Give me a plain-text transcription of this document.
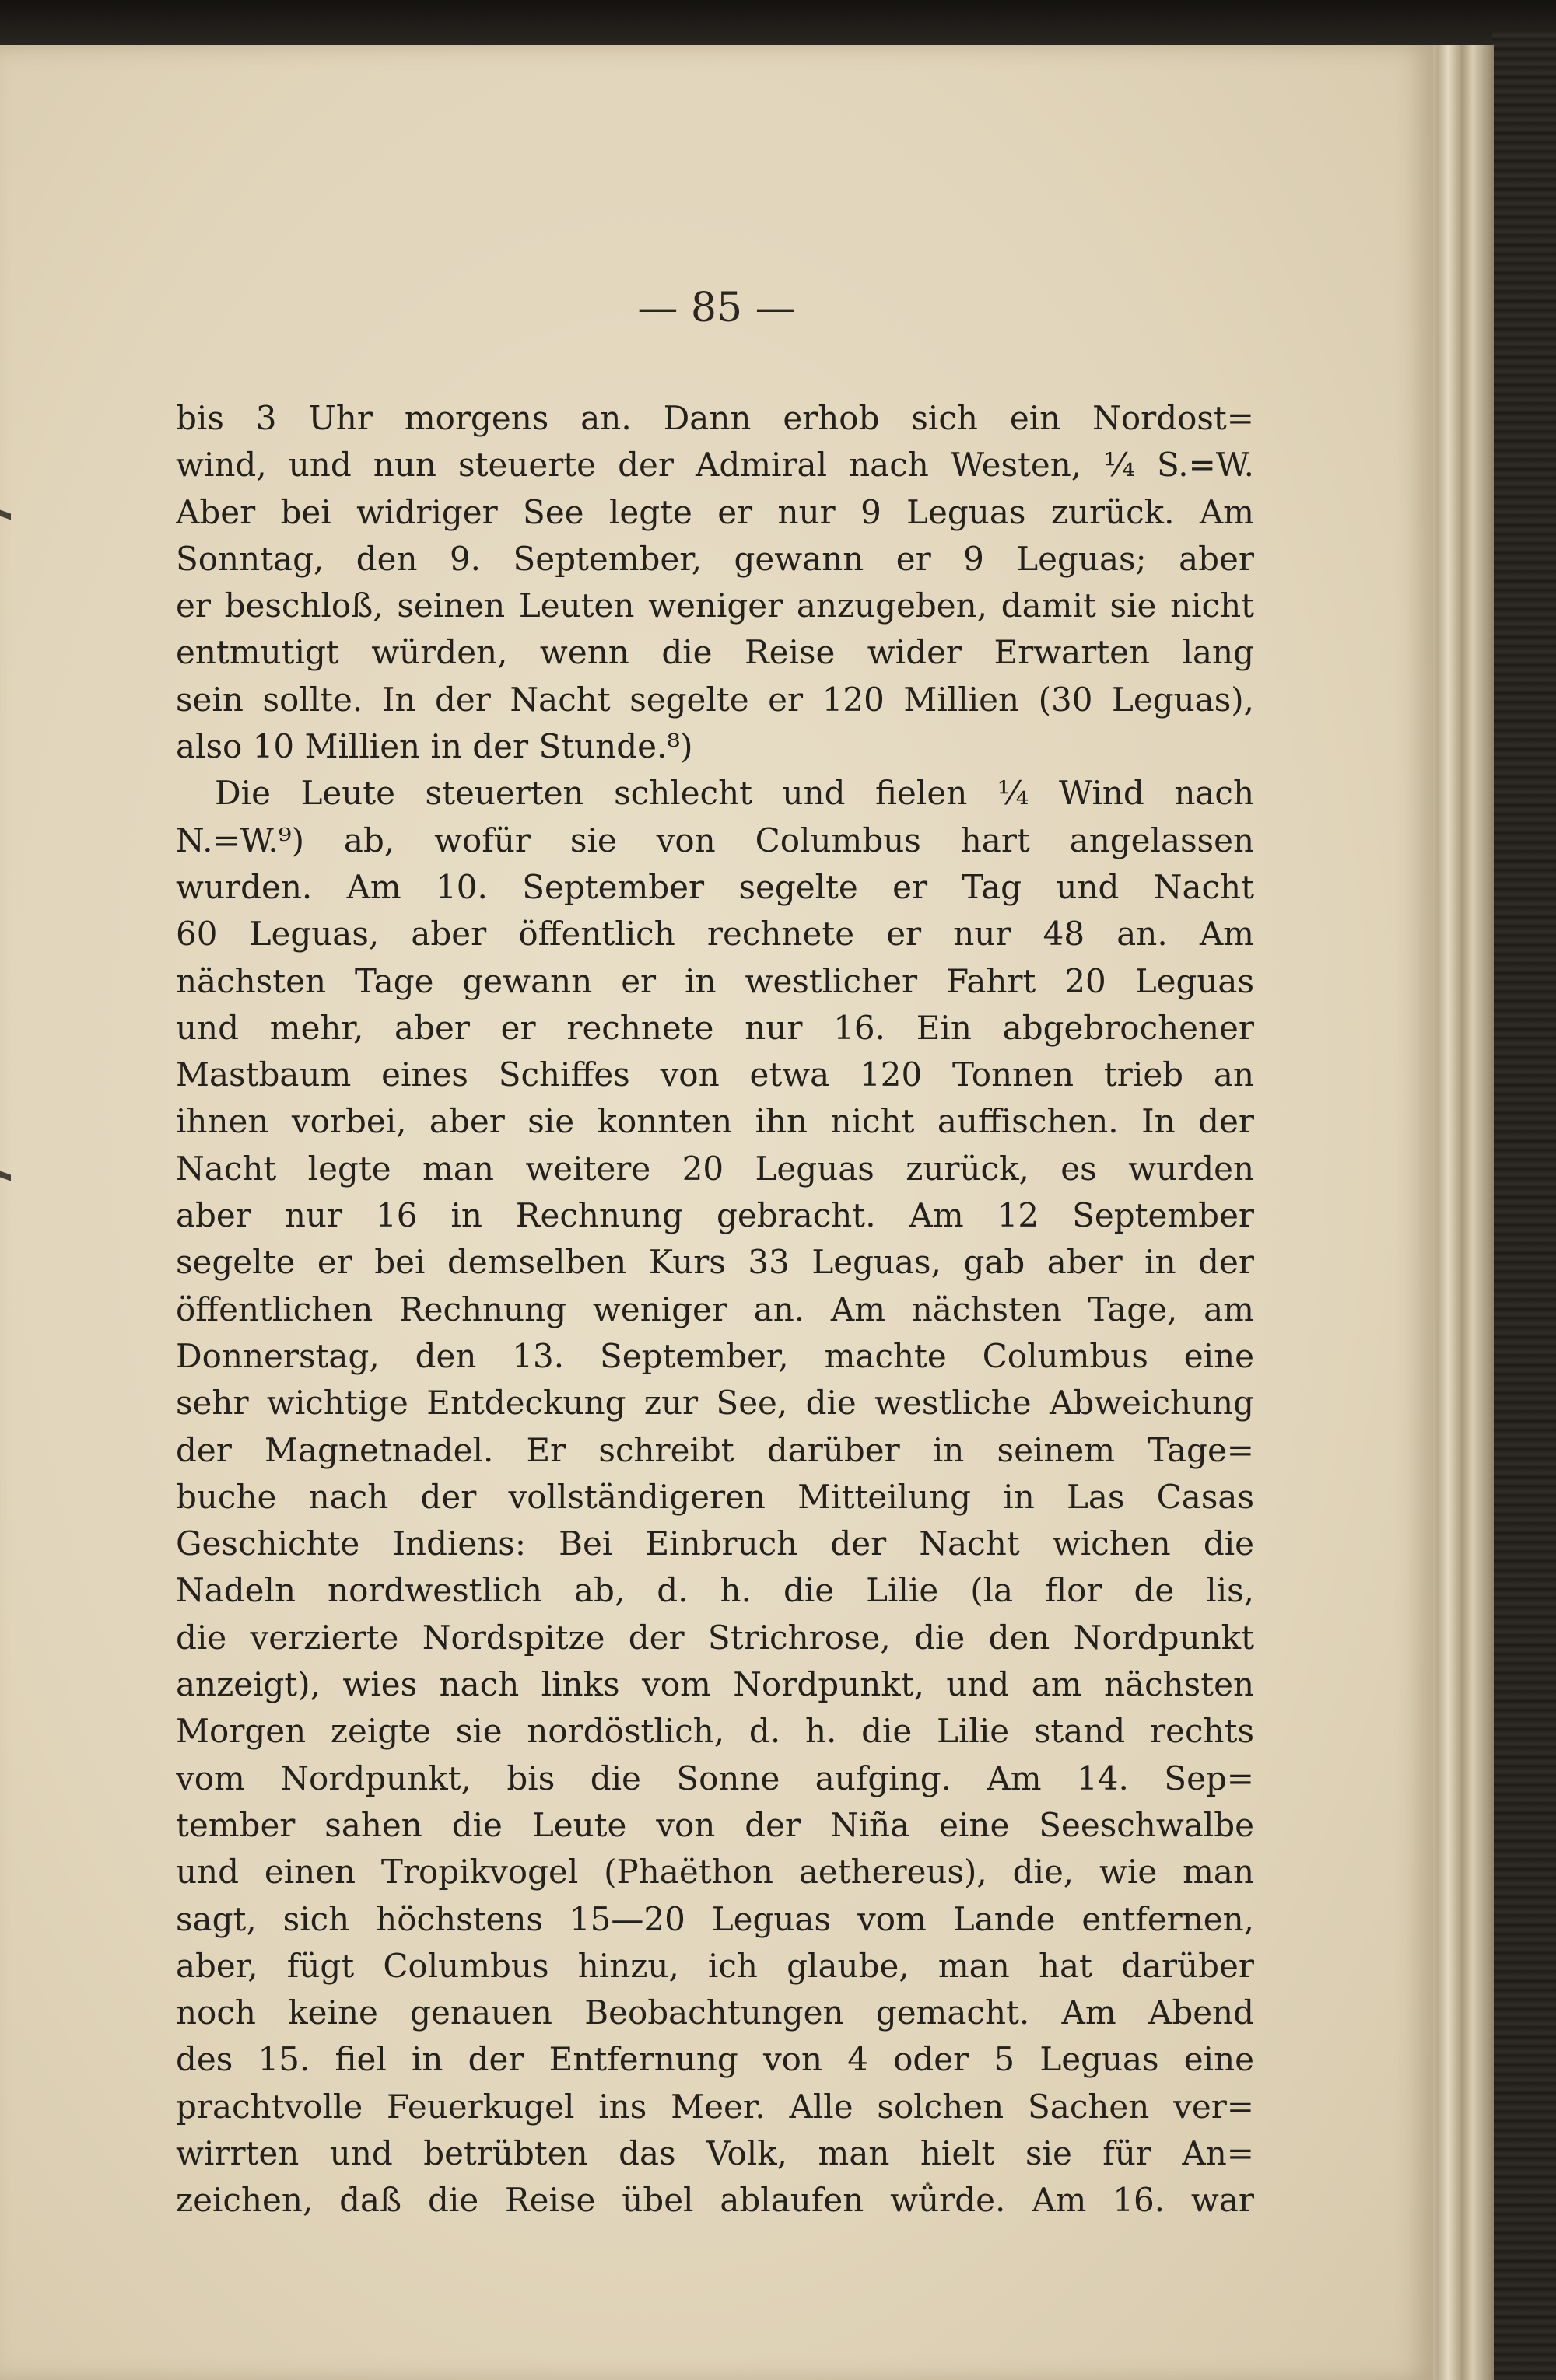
— 85 —
bis 3 Uhr morgens an. Dann erhob sich ein Nordost=
wind, und nun steuerte der Admiral nach Westen, ¼ S.=W.
Aber bei widriger See legte er nur 9 Leguas zurück. Am
Sonntag, den 9. September, gewann er 9 Leguas; aber
er beschloß, seinen Leuten weniger anzugeben, damit sie nicht
entmutigt würden, wenn die Reise wider Erwarten lang
sein sollte. In der Nacht segelte er 120 Millien (30 Leguas),
also 10 Millien in der Stunde.⁸)
Die Leute steuerten schlecht und fielen ¼ Wind nach
N.=W.⁹) ab, wofür sie von Columbus hart angelassen
wurden. Am 10. September segelte er Tag und Nacht
60 Leguas, aber öffentlich rechnete er nur 48 an. Am
nächsten Tage gewann er in westlicher Fahrt 20 Leguas
und mehr, aber er rechnete nur 16. Ein abgebrochener
Mastbaum eines Schiffes von etwa 120 Tonnen trieb an
ihnen vorbei, aber sie konnten ihn nicht auffischen. In der
Nacht legte man weitere 20 Leguas zurück, es wurden
aber nur 16 in Rechnung gebracht. Am 12 September
segelte er bei demselben Kurs 33 Leguas, gab aber in der
öffentlichen Rechnung weniger an. Am nächsten Tage, am
Donnerstag, den 13. September, machte Columbus eine
sehr wichtige Entdeckung zur See, die westliche Abweichung
der Magnetnadel. Er schreibt darüber in seinem Tage=
buche nach der vollständigeren Mitteilung in Las Casas
Geschichte Indiens: Bei Einbruch der Nacht wichen die
Nadeln nordwestlich ab, d. h. die Lilie (la flor de lis,
die verzierte Nordspitze der Strichrose, die den Nordpunkt
anzeigt), wies nach links vom Nordpunkt, und am nächsten
Morgen zeigte sie nordöstlich, d. h. die Lilie stand rechts
vom Nordpunkt, bis die Sonne aufging. Am 14. Sep=
tember sahen die Leute von der Niña eine Seeschwalbe
und einen Tropikvogel (Phaëthon aethereus), die, wie man
sagt, sich höchstens 15—20 Leguas vom Lande entfernen,
aber, fügt Columbus hinzu, ich glaube, man hat darüber
noch keine genauen Beobachtungen gemacht. Am Abend
des 15. fiel in der Entfernung von 4 oder 5 Leguas eine
prachtvolle Feuerkugel ins Meer. Alle solchen Sachen ver=
wirrten und betrübten das Volk, man hielt sie für An=
zeichen, daß die Reise übel ablaufen würde. Am 16. war
